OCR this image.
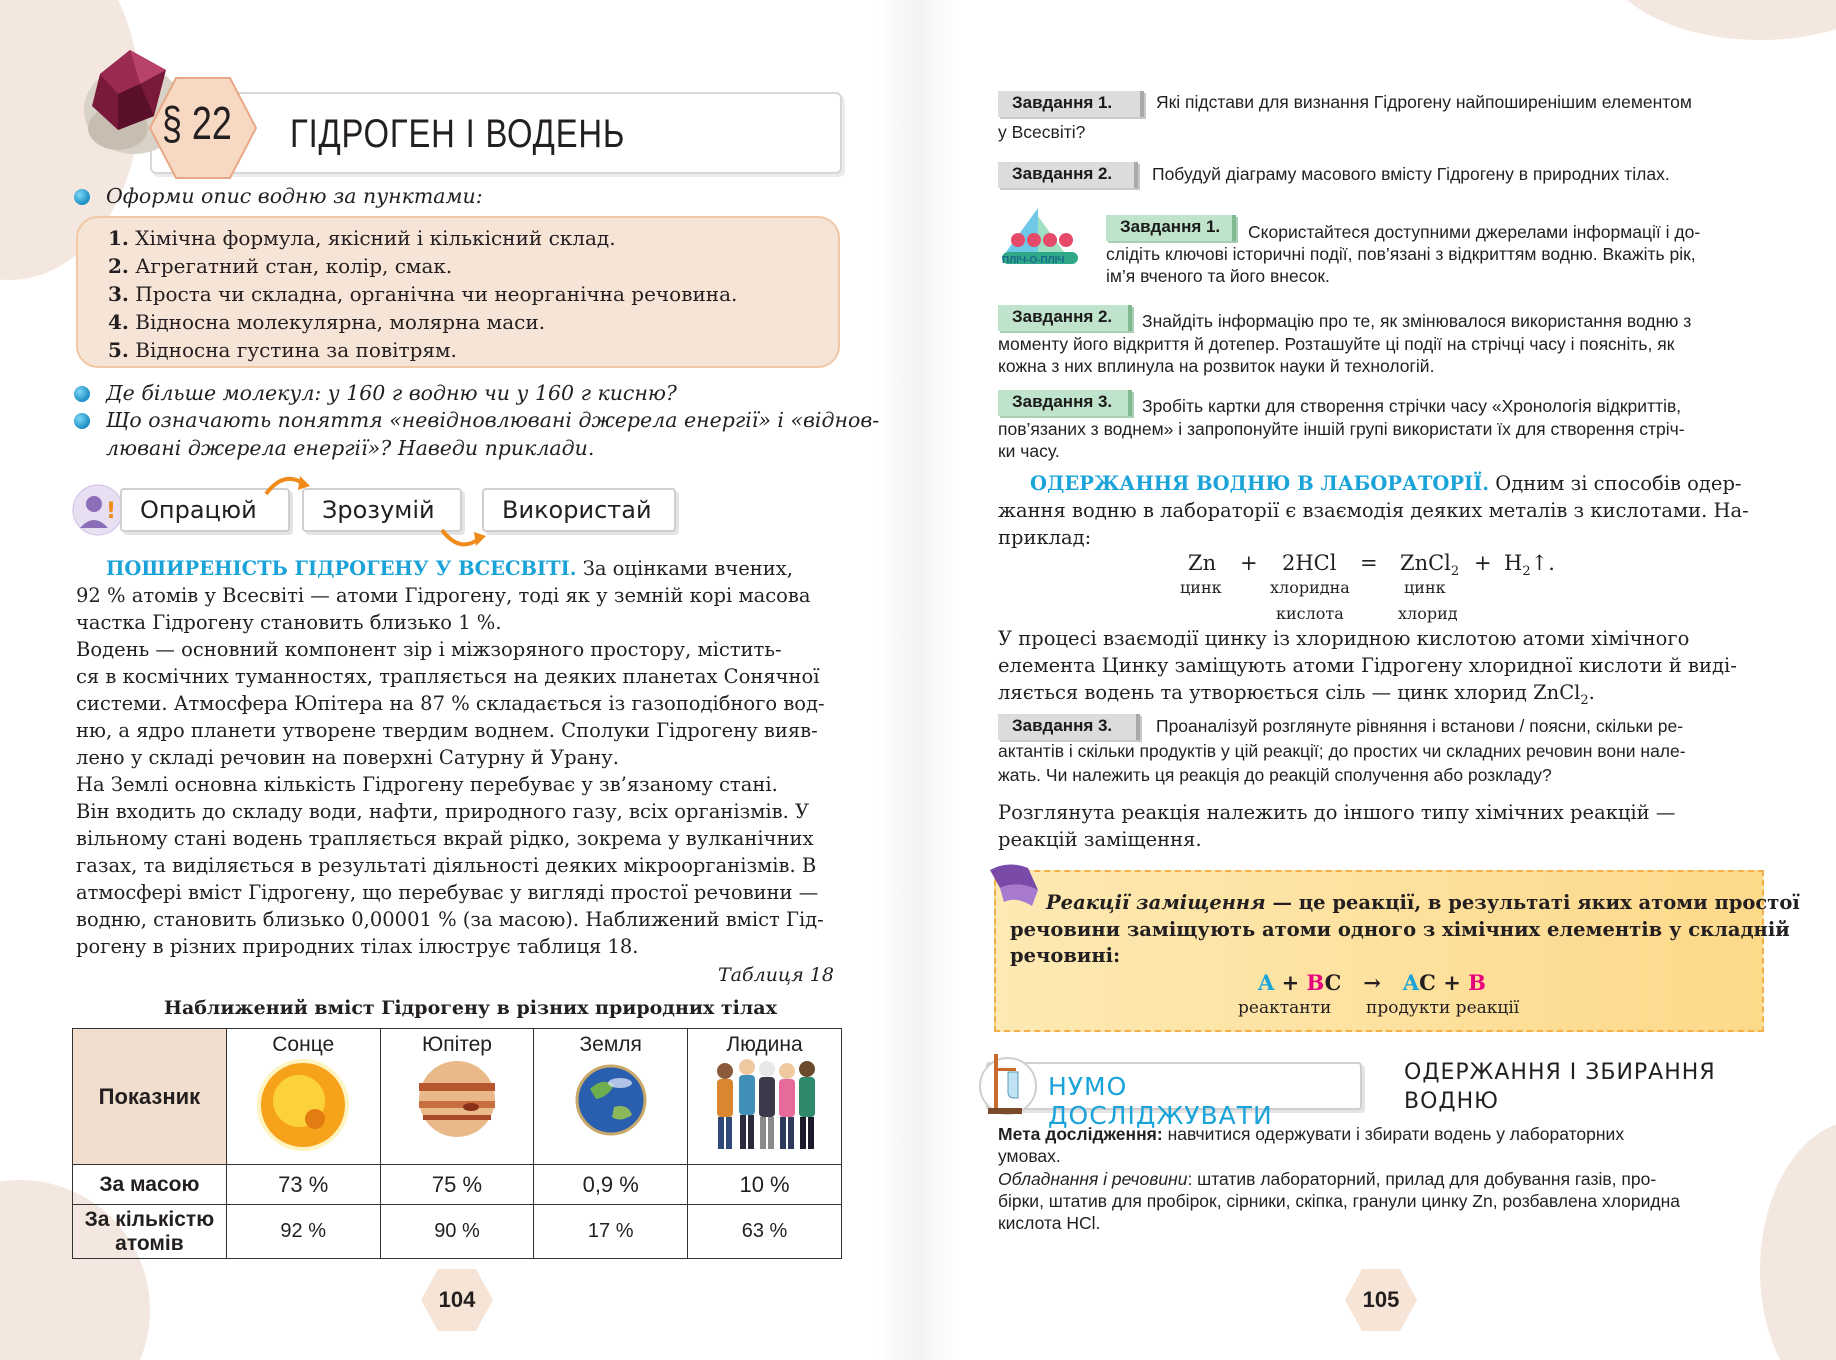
§ 22 ГІДРОГЕН І ВОДЕНЬ
Оформи опис водню за пунктами:
1. Хімічна формула, якісний і кількісний склад.
2. Агрегатний стан, колір, смак.
3. Проста чи складна, органічна чи неорганічна речовина.
4. Відносна молекулярна, молярна маси.
5. Відносна густина за повітрям.
Де більше молекул: у 160 г водню чи у 160 г кисню?
Що означають поняття «невідновлювані джерела енергії» і «віднов-
лювані джерела енергії»? Наведи приклади.
! Опрацюй	Зрозумій	Використай
ПОШИРЕНІСТЬ ГІДРОГЕНУ У ВСЕСВІТІ. За оцінками вчених,
92 % атомів у Всесвіті — атоми Гідрогену, тоді як у земній корі масова
частка Гідрогену становить близько 1 %.
Водень — основний компонент зір і міжзоряного простору, містить-
ся в космічних туманностях, трапляється на деяких планетах Сонячної
системи. Атмосфера Юпітера на 87 % складається із газоподібного вод-
ню, а ядро планети утворене твердим воднем. Сполуки Гідрогену вияв-
лено у складі речовин на поверхні Сатурну й Урану.
На Землі основна кількість Гідрогену перебуває у зв’язаному стані.
Він входить до складу води, нафти, природного газу, всіх організмів. У
вільному стані водень трапляється вкрай рідко, зокрема у вулканічних
газах, та виділяється в результаті діяльності деяких мікроорганізмів. В
атмосфері вміст Гідрогену, що перебуває у вигляді простої речовини —
водню, становить близько 0,00001 % (за масою). Наближений вміст Гід-
рогену в різних природних тілах ілюструє таблиця 18.
Таблиця 18
Наближений вміст Гідрогену в різних природних тілах
Показник	Сонце	Юпітер	Земля	Людина

За масою	73 %	75 %	0,9 %	10 %
За кількістю
атомів	92 %	90 %	17 %	63 %
104
Завдання 1.	Які підстави для визнання Гідрогену найпоширенішим елементом
у Всесвіті?
Завдання 2.	Побудуй діаграму масового вмісту Гідрогену в природних тілах.
ПЛІЧ-О-ПЛІЧ
Завдання 1.	Скористайтеся доступними джерелами інформації і до-
слідіть ключові історичні події, пов’язані з відкриттям водню. Вкажіть рік,
ім’я вченого та його внесок.
Завдання 2.	Знайдіть інформацію про те, як змінювалося використання водню з
моменту його відкриття й дотепер. Розташуйте ці події на стрічці часу і поясніть, як
кожна з них вплинула на розвиток науки й технологій.
Завдання 3.	Зробіть картки для створення стрічки часу «Хронологія відкриттів,
пов’язаних з воднем» і запропонуйте іншій групі використати їх для створення стріч-
ки часу.
ОДЕРЖАННЯ ВОДНЮ В ЛАБОРАТОРІЇ. Одним зі способів одер-
жання водню в лабораторії є взаємодія деяких металів з кислотами. На-
приклад:
Zn + 2HCl = ZnCl$_2$ + $H_2↑$.
цинк	хлоридна
кислота
цинк
хлорид
У процесі взаємодії цинку із хлоридною кислотою атоми хімічного
елемента Цинку заміщують атоми Гідрогену хлоридної кислоти й виді-
ляється водень та утворюється сіль — цинк хлорид ZnCl$_2$.
Завдання 3.	Проаналізуй розглянуте рівняння і встанови / поясни, скільки ре-
актантів і скільки продуктів у цій реакції; до простих чи складних речовин вони нале-
жать. Чи належить ця реакція до реакцій сполучення або розкладу?
Розглянута реакція належить до іншого типу хімічних реакцій —
реакцій заміщення.
Реакції заміщення — це реакції, в результаті яких атоми простої
речовини заміщують атоми одного з хімічних елементів у складній
речовині:
A + BC → AC + B
реактанти продукти реакції
НУМО ДОСЛІДЖУВАТИ
ОДЕРЖАННЯ І ЗБИРАННЯ
ВОДНЮ
Мета дослідження: навчитися одержувати і збирати водень у лабораторних
умовах.
Обладнання і речовини: штатив лабораторний, прилад для добування газів, про-
бірки, штатив для пробірок, сірники, скіпка, гранули цинку Zn, розбавлена хлоридна
кислота HCl.
105
